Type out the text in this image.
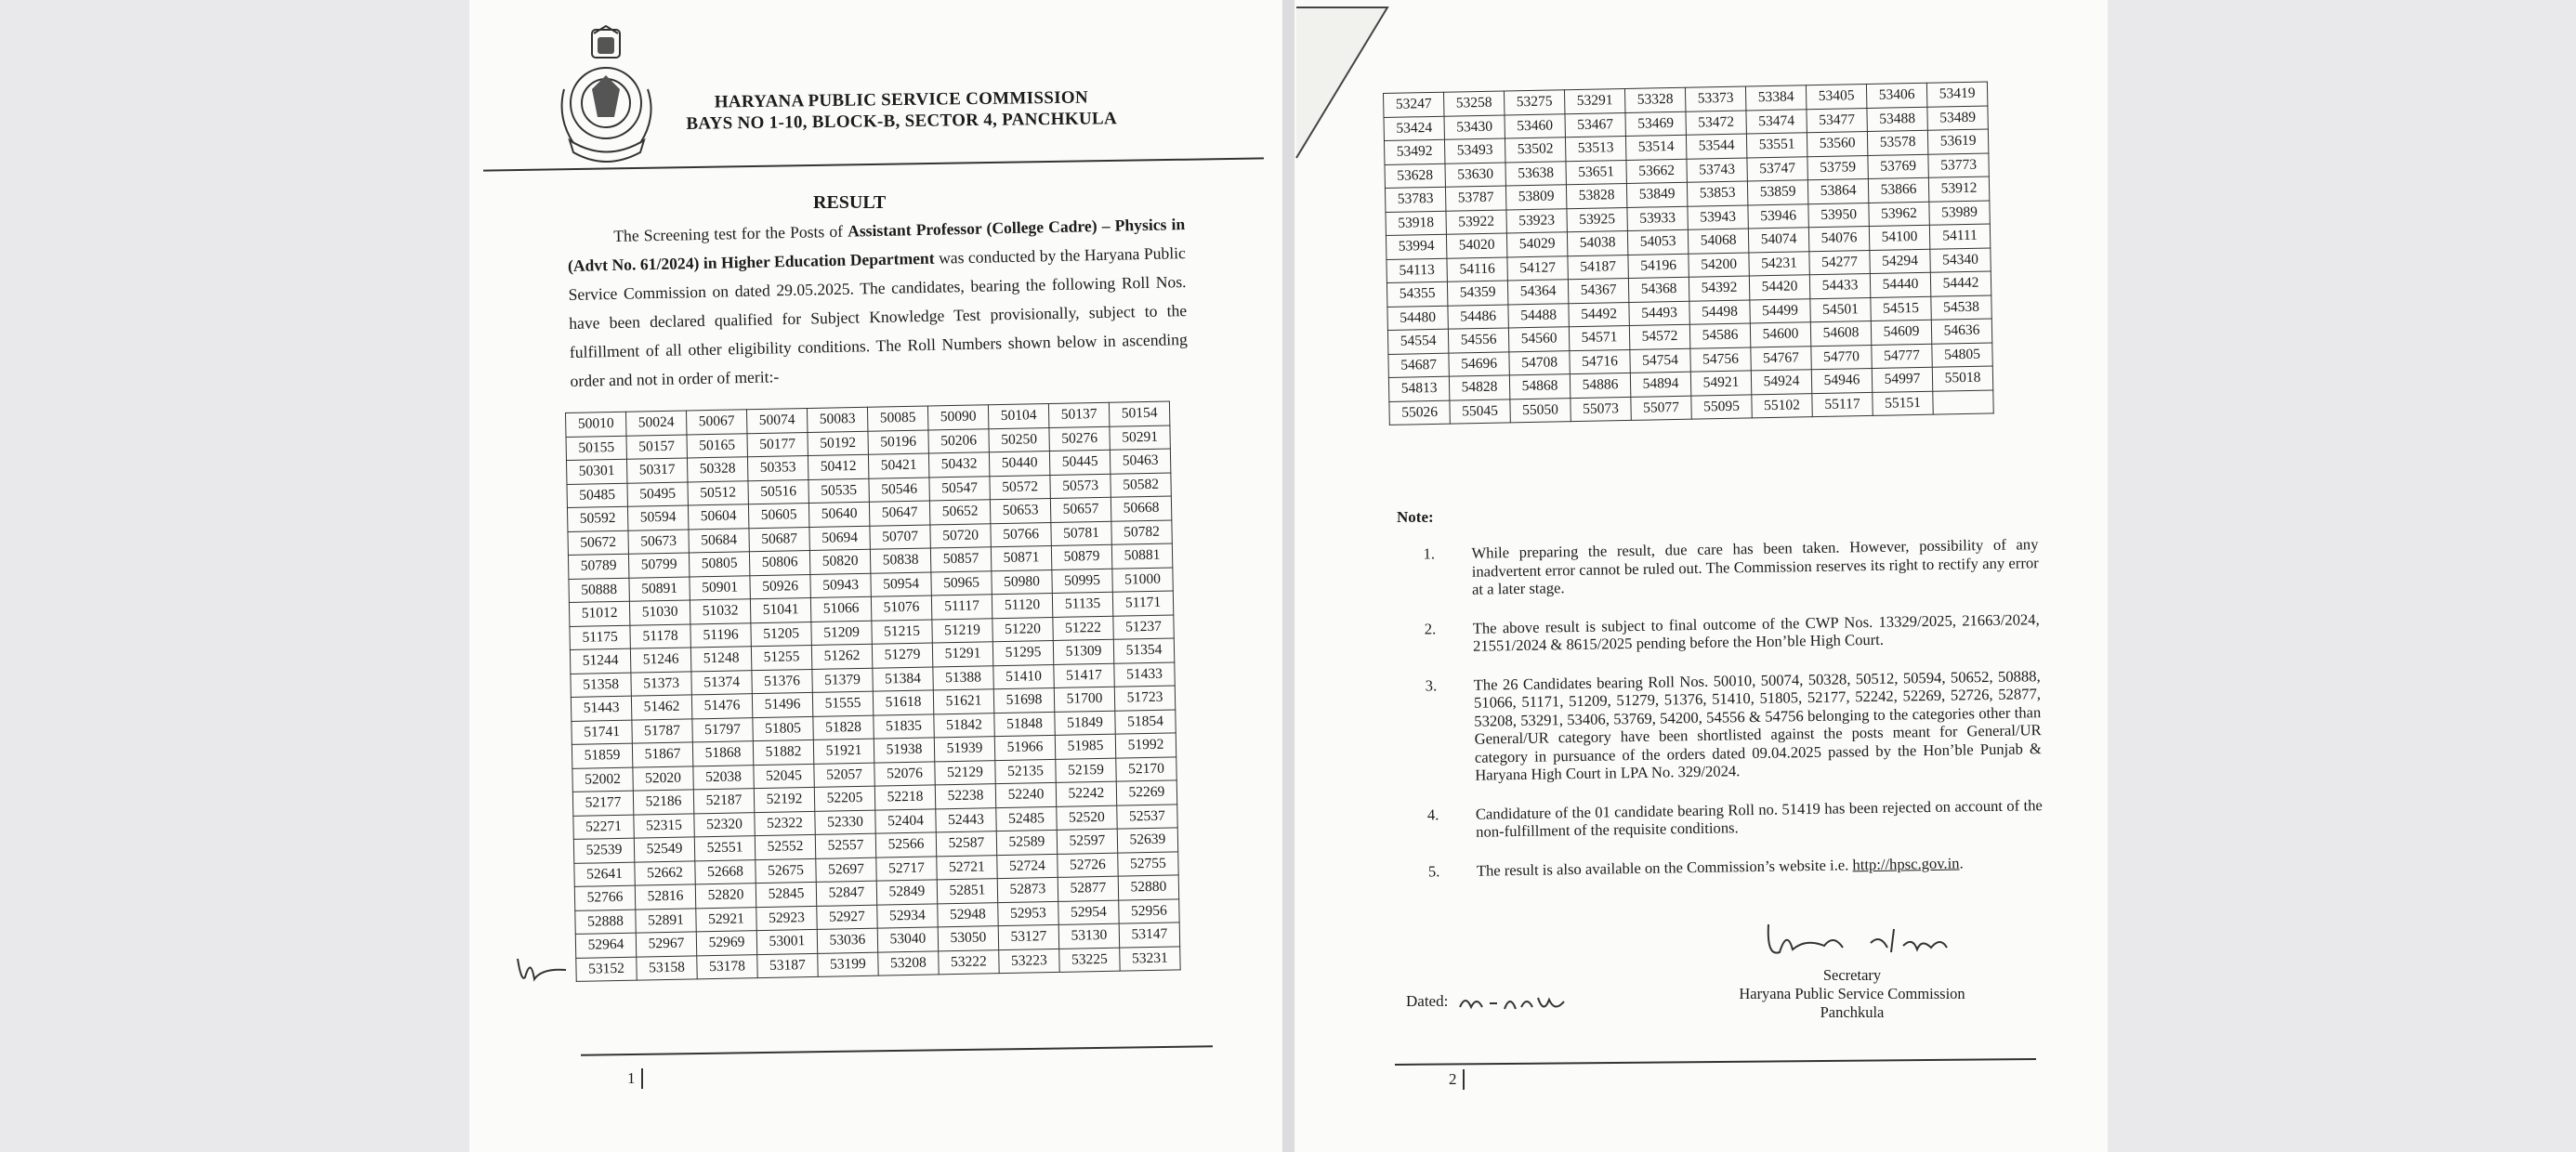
HARYANA PUBLIC SERVICE COMMISSION
BAYS NO 1-10, BLOCK-B, SECTOR 4, PANCHKULA
RESULT
The Screening test for the Posts of Assistant Professor (College Cadre) – Physics in (Advt No. 61/2024) in Higher Education Department was conducted by the Haryana Public Service Commission on dated 29.05.2025. The candidates, bearing the following Roll Nos. have been declared qualified for Subject Knowledge Test provisionally, subject to the fulfillment of all other eligibility conditions. The Roll Numbers shown below in ascending order and not in order of merit:-
50010	50024	50067	50074	50083	50085	50090	50104	50137	50154
50155	50157	50165	50177	50192	50196	50206	50250	50276	50291
50301	50317	50328	50353	50412	50421	50432	50440	50445	50463
50485	50495	50512	50516	50535	50546	50547	50572	50573	50582
50592	50594	50604	50605	50640	50647	50652	50653	50657	50668
50672	50673	50684	50687	50694	50707	50720	50766	50781	50782
50789	50799	50805	50806	50820	50838	50857	50871	50879	50881
50888	50891	50901	50926	50943	50954	50965	50980	50995	51000
51012	51030	51032	51041	51066	51076	51117	51120	51135	51171
51175	51178	51196	51205	51209	51215	51219	51220	51222	51237
51244	51246	51248	51255	51262	51279	51291	51295	51309	51354
51358	51373	51374	51376	51379	51384	51388	51410	51417	51433
51443	51462	51476	51496	51555	51618	51621	51698	51700	51723
51741	51787	51797	51805	51828	51835	51842	51848	51849	51854
51859	51867	51868	51882	51921	51938	51939	51966	51985	51992
52002	52020	52038	52045	52057	52076	52129	52135	52159	52170
52177	52186	52187	52192	52205	52218	52238	52240	52242	52269
52271	52315	52320	52322	52330	52404	52443	52485	52520	52537
52539	52549	52551	52552	52557	52566	52587	52589	52597	52639
52641	52662	52668	52675	52697	52717	52721	52724	52726	52755
52766	52816	52820	52845	52847	52849	52851	52873	52877	52880
52888	52891	52921	52923	52927	52934	52948	52953	52954	52956
52964	52967	52969	53001	53036	53040	53050	53127	53130	53147
53152	53158	53178	53187	53199	53208	53222	53223	53225	53231
1
53247	53258	53275	53291	53328	53373	53384	53405	53406	53419
53424	53430	53460	53467	53469	53472	53474	53477	53488	53489
53492	53493	53502	53513	53514	53544	53551	53560	53578	53619
53628	53630	53638	53651	53662	53743	53747	53759	53769	53773
53783	53787	53809	53828	53849	53853	53859	53864	53866	53912
53918	53922	53923	53925	53933	53943	53946	53950	53962	53989
53994	54020	54029	54038	54053	54068	54074	54076	54100	54111
54113	54116	54127	54187	54196	54200	54231	54277	54294	54340
54355	54359	54364	54367	54368	54392	54420	54433	54440	54442
54480	54486	54488	54492	54493	54498	54499	54501	54515	54538
54554	54556	54560	54571	54572	54586	54600	54608	54609	54636
54687	54696	54708	54716	54754	54756	54767	54770	54777	54805
54813	54828	54868	54886	54894	54921	54924	54946	54997	55018
55026	55045	55050	55073	55077	55095	55102	55117	55151	
Note:
1.	While preparing the result, due care has been taken. However, possibility of any inadvertent error cannot be ruled out. The Commission reserves its right to rectify any error at a later stage.
2.	The above result is subject to final outcome of the CWP Nos. 13329/2025, 21663/2024, 21551/2024 & 8615/2025 pending before the Hon’ble High Court.
3.	The 26 Candidates bearing Roll Nos. 50010, 50074, 50328, 50512, 50594, 50652, 50888, 51066, 51171, 51209, 51279, 51376, 51410, 51805, 52177, 52242, 52269, 52726, 52877, 53208, 53291, 53406, 53769, 54200, 54556 & 54756 belonging to the categories other than General/UR category have been shortlisted against the posts meant for General/UR category in pursuance of the orders dated 09.04.2025 passed by the Hon’ble Punjab & Haryana High Court in LPA No. 329/2024.
4.	Candidature of the 01 candidate bearing Roll no. 51419 has been rejected on account of the non-fulfillment of the requisite conditions.
5.	The result is also available on the Commission’s website i.e. http://hpsc.gov.in.
Secretary
Haryana Public Service Commission
Panchkula
Dated:
2
